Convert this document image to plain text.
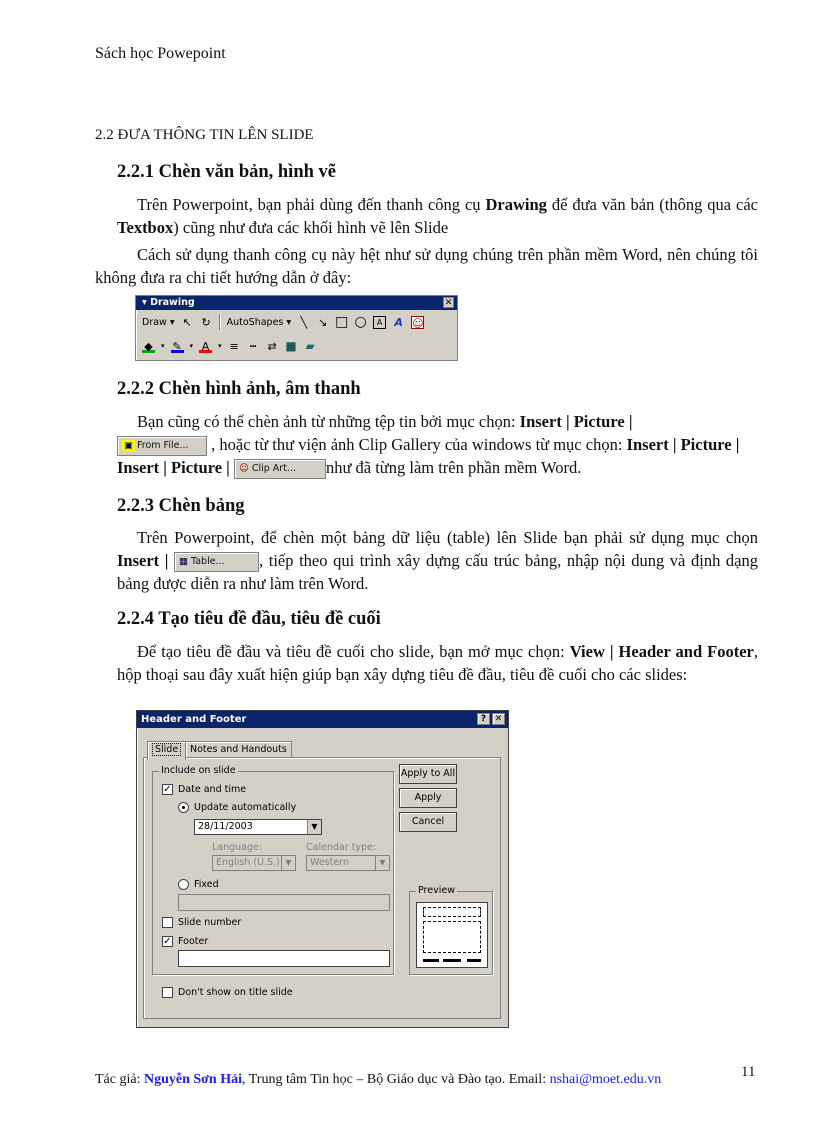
Sách học Powepoint
2.2 ĐƯA THÔNG TIN LÊN SLIDE
2.2.1 Chèn văn bản, hình vẽ
Trên Powerpoint, bạn phải dùng đến thanh công cụ Drawing để đưa văn bản (thông qua các Textbox) cũng như đưa các khối hình vẽ lên Slide
Cách sử dụng thanh công cụ này hệt như sử dụng chúng trên phần mềm Word, nên chúng tôi không đưa ra chi tiết hướng dẫn ở đây:
▾ Drawing	✕
Draw ▾ ↖ ↻ AutoShapes ▾ ╲ ↘ □ ○	A	A ☺
◆	▾ ✎ ▾ A	▾ ≡ ┅ ⇄ ■ ▰
2.2.2 Chèn hình ảnh, âm thanh
Bạn cũng có thể chèn ảnh từ những tệp tin bởi mục chọn: Insert | Picture |
▣ From File... , hoặc từ thư viện ảnh Clip Gallery của windows từ mục chọn: Insert | Picture |
Insert | Picture | ☺ Clip Art... như đã từng làm trên phần mềm Word.
2.2.3 Chèn bảng
Trên Powerpoint, để chèn một bảng dữ liệu (table) lên Slide bạn phải sử dụng mục chọn Insert | ▦ Table... , tiếp theo qui trình xây dựng cấu trúc bảng, nhập nội dung và định dạng bảng được diễn ra như làm trên Word.
2.2.4 Tạo tiêu đề đầu, tiêu đề cuối
Để tạo tiêu đề đầu và tiêu đề cuối cho slide, bạn mở mục chọn: View | Header and Footer, hộp thoại sau đây xuất hiện giúp bạn xây dựng tiêu đề đầu, tiêu đề cuối cho các slides:
Header and Footer	? ✕
Slide	Notes and Handouts
Include on slide
✓ Date and time
Update automatically
28/11/2003	▼
Language:	Calendar type:
English (U.S.) ▼	Western	▼
Fixed
Slide number
✓ Footer
Don't show on title slide
Apply to All
Apply
Cancel
Preview
Tác giả: Nguyễn Sơn Hải, Trung tâm Tin học – Bộ Giáo dục và Đào tạo. Email: nshai@moet.edu.vn	11
